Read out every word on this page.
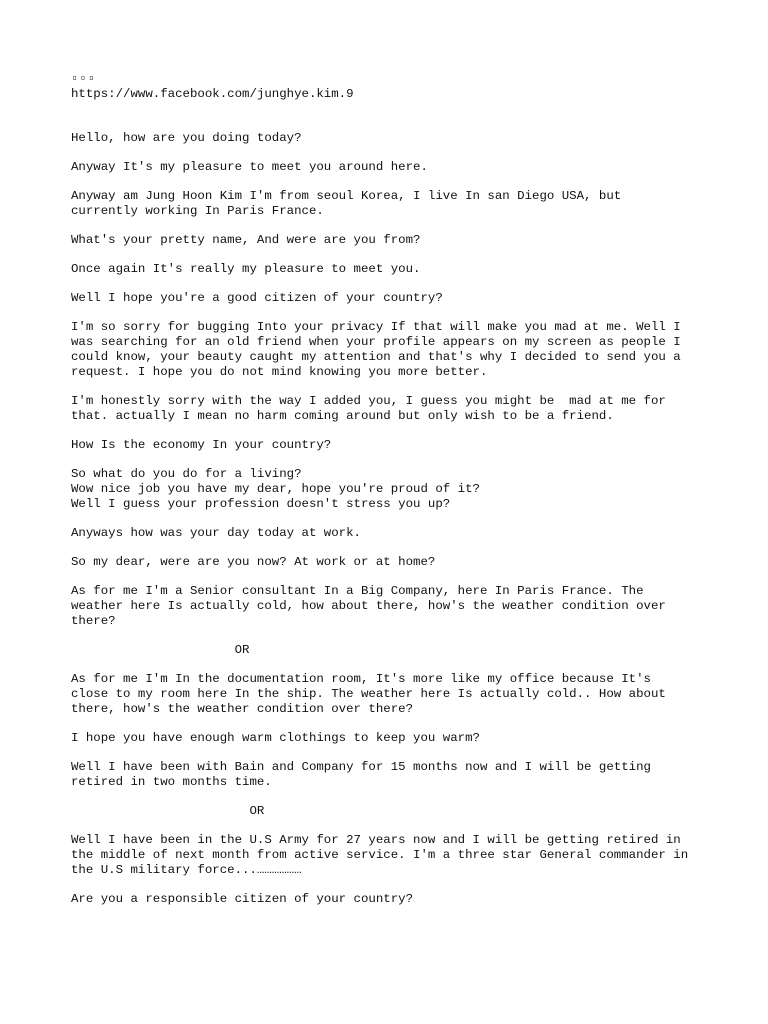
▫▫▫
https://www.facebook.com/junghye.kim.9
Hello, how are you doing today?
Anyway It's my pleasure to meet you around here.
Anyway am Jung Hoon Kim I'm from seoul Korea, I live In san Diego USA, but
currently working In Paris France.
What's your pretty name, And were are you from?
Once again It's really my pleasure to meet you.
Well I hope you're a good citizen of your country?
I'm so sorry for bugging Into your privacy If that will make you mad at me. Well I
was searching for an old friend when your profile appears on my screen as people I
could know, your beauty caught my attention and that's why I decided to send you a
request. I hope you do not mind knowing you more better.
I'm honestly sorry with the way I added you, I guess you might be  mad at me for
that. actually I mean no harm coming around but only wish to be a friend.
How Is the economy In your country?
So what do you do for a living?
Wow nice job you have my dear, hope you're proud of it?
Well I guess your profession doesn't stress you up?
Anyways how was your day today at work.
So my dear, were are you now? At work or at home?
As for me I'm a Senior consultant In a Big Company, here In Paris France. The
weather here Is actually cold, how about there, how's the weather condition over
there?
OR
As for me I'm In the documentation room, It's more like my office because It's
close to my room here In the ship. The weather here Is actually cold.. How about
there, how's the weather condition over there?
I hope you have enough warm clothings to keep you warm?
Well I have been with Bain and Company for 15 months now and I will be getting
retired in two months time.
OR
Well I have been in the U.S Army for 27 years now and I will be getting retired in
the middle of next month from active service. I'm a three star General commander in
the U.S military force...………………
Are you a responsible citizen of your country?
